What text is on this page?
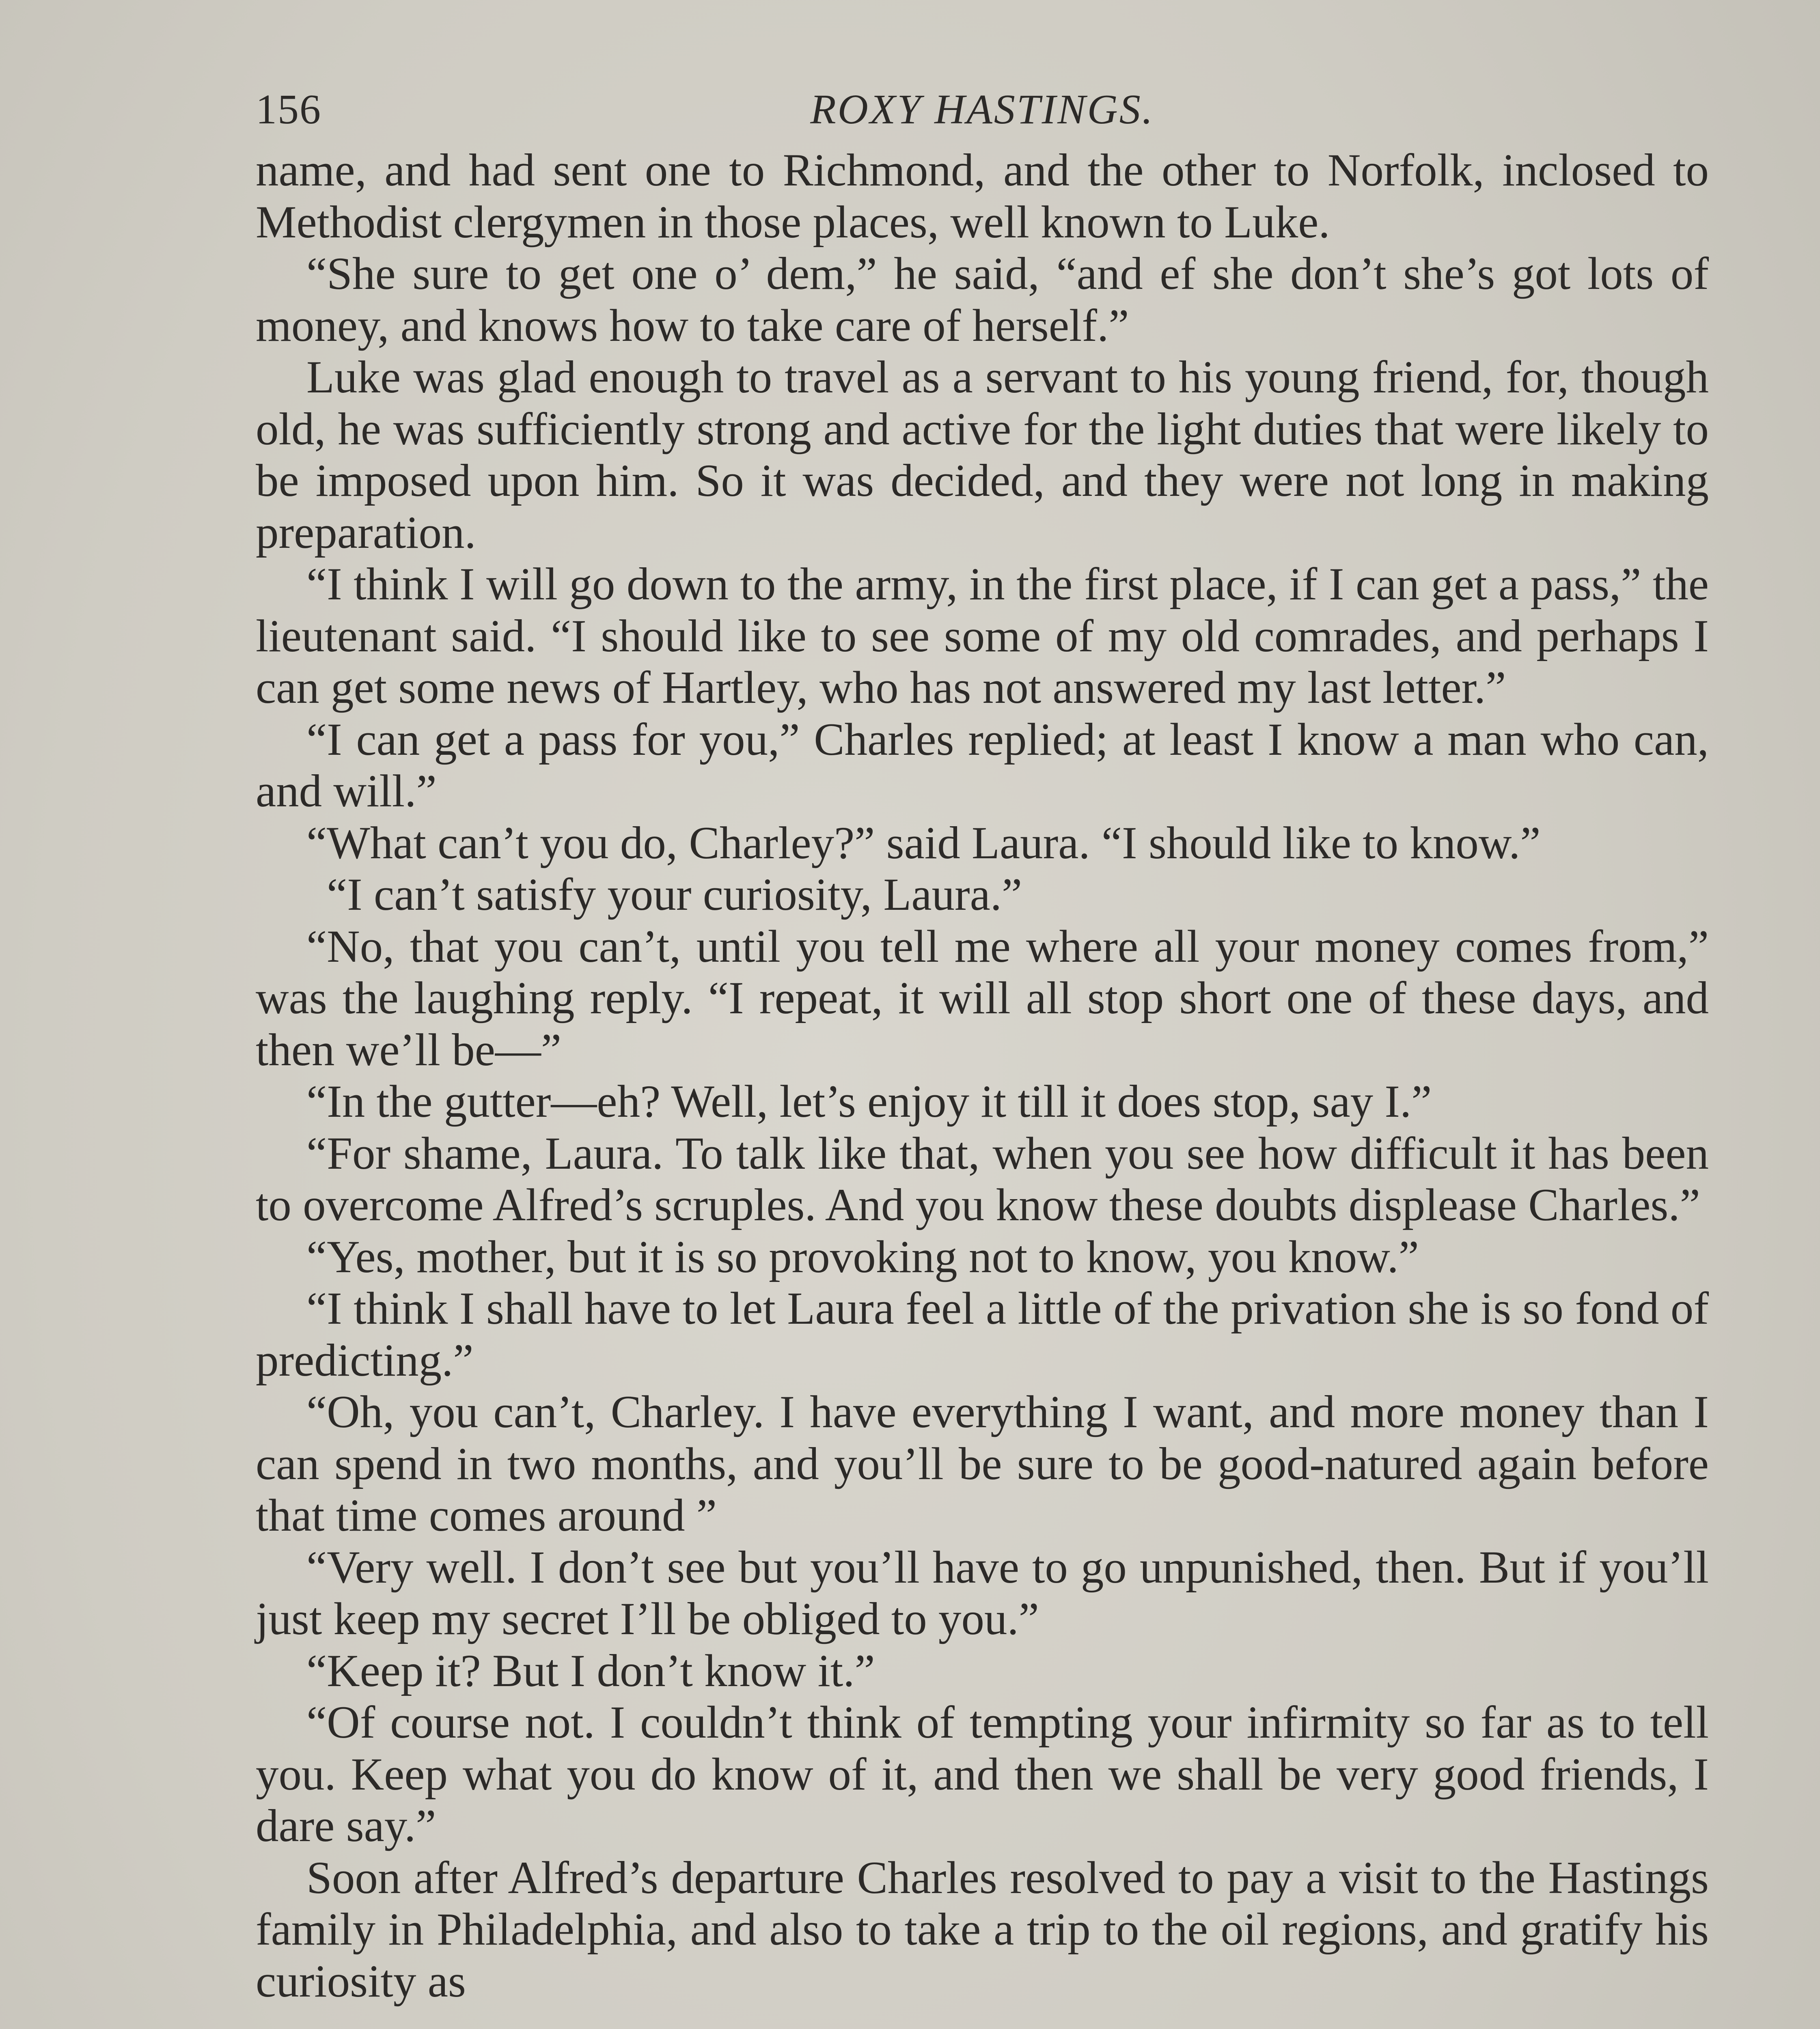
156	ROXY HASTINGS.

name, and had sent one to Richmond, and the other to Norfolk, inclosed to Methodist clergymen in those places, well known to Luke.

“She sure to get one o’ dem,” he said, “and ef she don’t she’s got lots of money, and knows how to take care of herself.”

Luke was glad enough to travel as a servant to his young friend, for, though old, he was sufficiently strong and active for the light duties that were likely to be imposed upon him. So it was decided, and they were not long in making preparation.

“I think I will go down to the army, in the first place, if I can get a pass,” the lieutenant said. “I should like to see some of my old comrades, and perhaps I can get some news of Hartley, who has not answered my last letter.”

“I can get a pass for you,” Charles replied; at least I know a man who can, and will.”

“What can’t you do, Charley?” said Laura. “I should like to know.”

“I can’t satisfy your curiosity, Laura.”

“No, that you can’t, until you tell me where all your money comes from,” was the laughing reply. “I repeat, it will all stop short one of these days, and then we’ll be—”

“In the gutter—eh? Well, let’s enjoy it till it does stop, say I.”

“For shame, Laura. To talk like that, when you see how difficult it has been to overcome Alfred’s scruples. And you know these doubts displease Charles.”

“Yes, mother, but it is so provoking not to know, you know.”

“I think I shall have to let Laura feel a little of the privation she is so fond of predicting.”

“Oh, you can’t, Charley. I have everything I want, and more money than I can spend in two months, and you’ll be sure to be good-natured again before that time comes around ”

“Very well. I don’t see but you’ll have to go unpunished, then. But if you’ll just keep my secret I’ll be obliged to you.”

“Keep it? But I don’t know it.”

“Of course not. I couldn’t think of tempting your infirmity so far as to tell you. Keep what you do know of it, and then we shall be very good friends, I dare say.”

Soon after Alfred’s departure Charles resolved to pay a visit to the Hastings family in Philadelphia, and also to take a trip to the oil regions, and gratify his curiosity as
